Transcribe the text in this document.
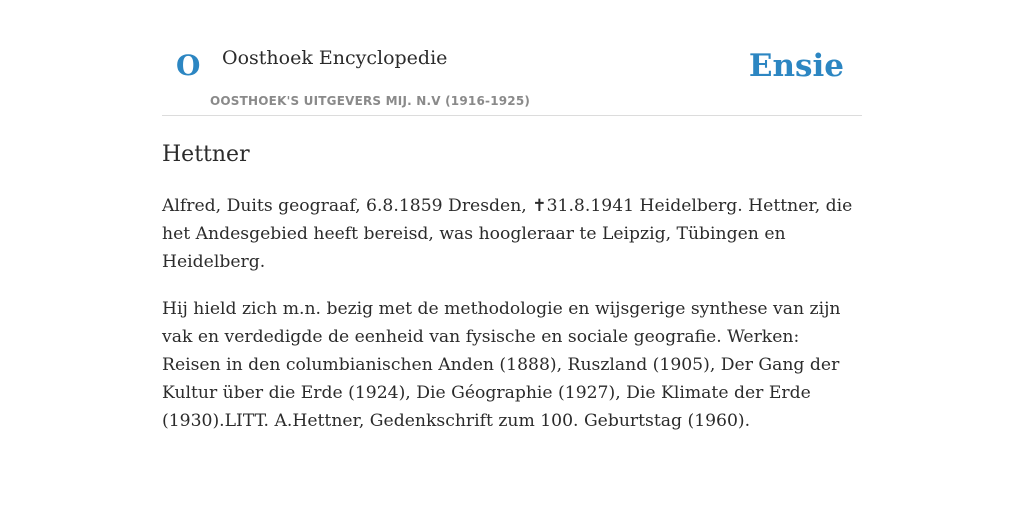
O Oosthoek Encyclopedie
OOSTHOEK'S UITGEVERS MIJ. N.V (1916-1925)
Ensie
Hettner

Alfred, Duits geograaf, 6.8.1859 Dresden, ✝31.8.1941 Heidelberg. Hettner, die het Andesgebied heeft bereisd, was hoogleraar te Leipzig, Tübingen en Heidelberg.

Hij hield zich m.n. bezig met de methodologie en wijsgerige synthese van zijn vak en verdedigde de eenheid van fysische en sociale geografie. Werken: Reisen in den columbianischen Anden (1888), Ruszland (1905), Der Gang der Kultur über die Erde (1924), Die Géographie (1927), Die Klimate der Erde (1930).LITT. A.Hettner, Gedenkschrift zum 100. Geburtstag (1960).
